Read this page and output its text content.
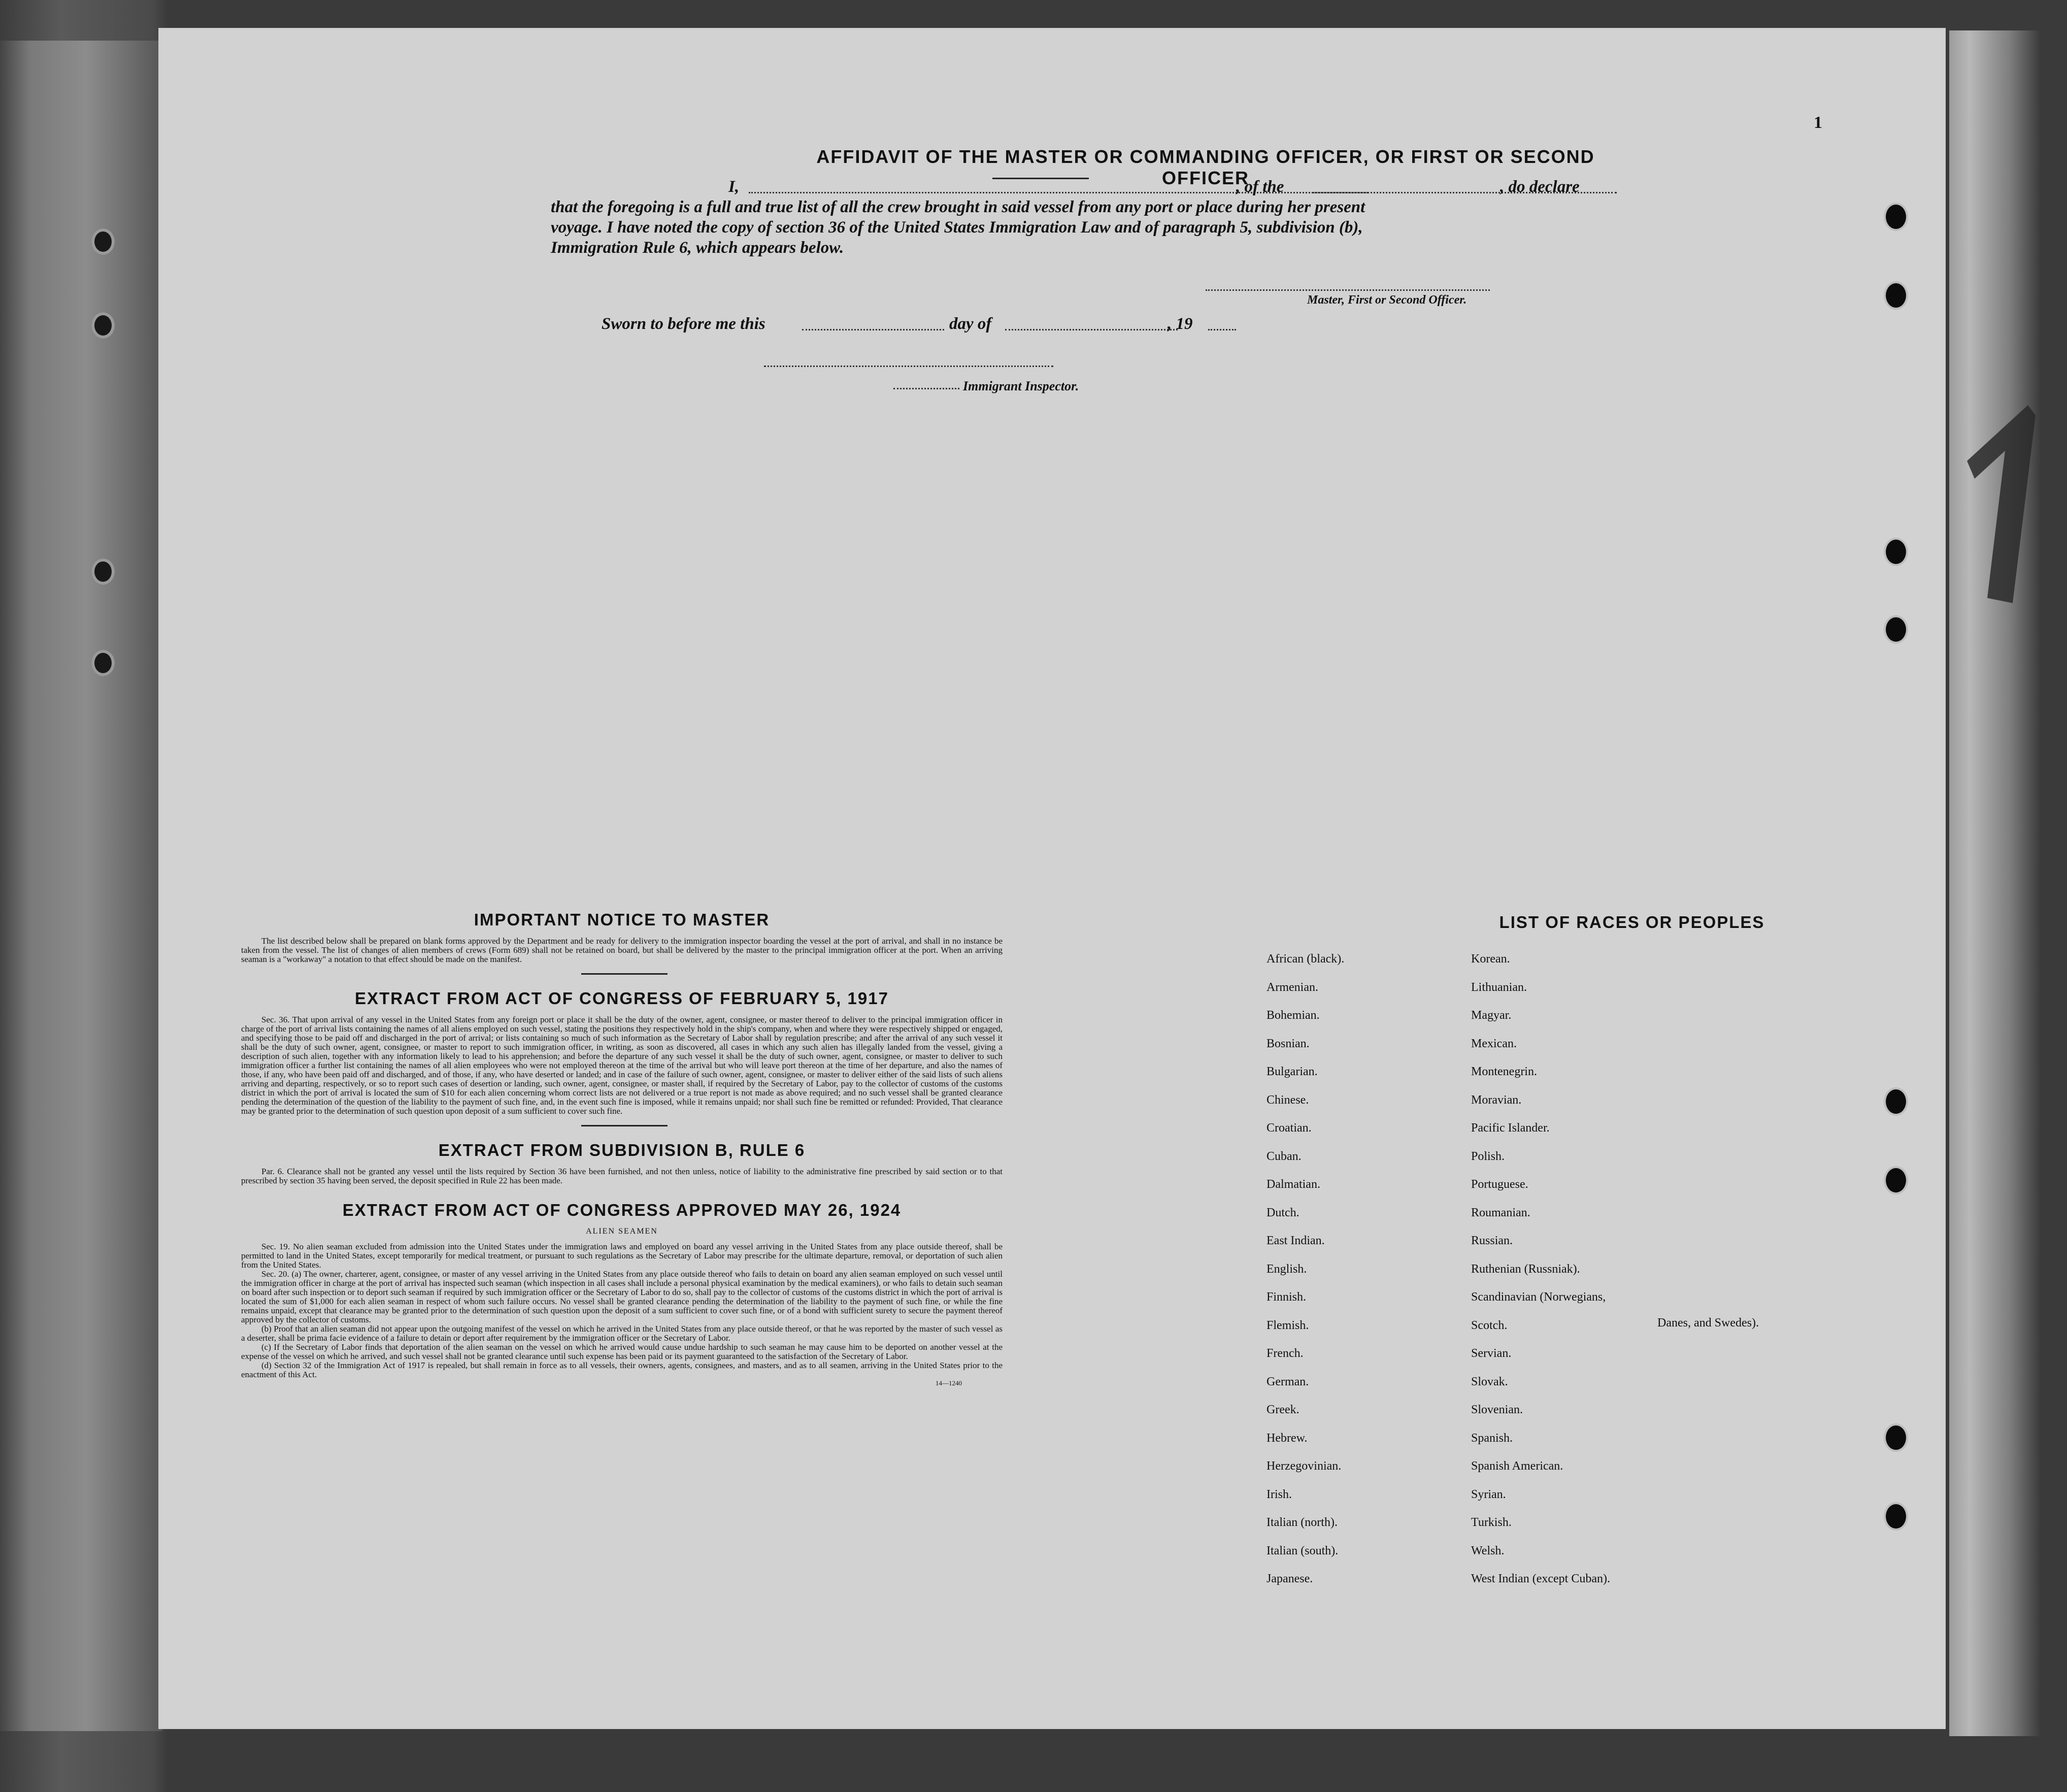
1
AFFIDAVIT OF THE MASTER OR COMMANDING OFFICER, OR FIRST OR SECOND OFFICER
I,	, of the	, do declare
that the foregoing is a full and true list of all the crew brought in said vessel from any port or place during her present
voyage. I have noted the copy of section 36 of the United States Immigration Law and of paragraph 5, subdivision (b),
Immigration Rule 6, which appears below.
Master, First or Second Officer.
Sworn to before me this	day of	, 19
Immigrant Inspector.
IMPORTANT NOTICE TO MASTER

The list described below shall be prepared on blank forms approved by the Department and be ready for delivery to the immigration inspector boarding the vessel at the port of arrival, and shall in no instance be taken from the vessel. The list of changes of alien members of crews (Form 689) shall not be retained on board, but shall be delivered by the master to the principal immigration officer at the port. When an arriving seaman is a "workaway" a notation to that effect should be made on the manifest.

EXTRACT FROM ACT OF CONGRESS OF FEBRUARY 5, 1917

Sec. 36. That upon arrival of any vessel in the United States from any foreign port or place it shall be the duty of the owner, agent, consignee, or master thereof to deliver to the principal immigration officer in charge of the port of arrival lists containing the names of all aliens employed on such vessel, stating the positions they respectively hold in the ship's company, when and where they were respectively shipped or engaged, and specifying those to be paid off and discharged in the port of arrival; or lists containing so much of such information as the Secretary of Labor shall by regulation prescribe; and after the arrival of any such vessel it shall be the duty of such owner, agent, consignee, or master to report to such immigration officer, in writing, as soon as discovered, all cases in which any such alien has illegally landed from the vessel, giving a description of such alien, together with any information likely to lead to his apprehension; and before the departure of any such vessel it shall be the duty of such owner, agent, consignee, or master to deliver to such immigration officer a further list containing the names of all alien employees who were not employed thereon at the time of the arrival but who will leave port thereon at the time of her departure, and also the names of those, if any, who have been paid off and discharged, and of those, if any, who have deserted or landed; and in case of the failure of such owner, agent, consignee, or master to deliver either of the said lists of such aliens arriving and departing, respectively, or so to report such cases of desertion or landing, such owner, agent, consignee, or master shall, if required by the Secretary of Labor, pay to the collector of customs of the customs district in which the port of arrival is located the sum of $10 for each alien concerning whom correct lists are not delivered or a true report is not made as above required; and no such vessel shall be granted clearance pending the determination of the question of the liability to the payment of such fine, and, in the event such fine is imposed, while it remains unpaid; nor shall such fine be remitted or refunded: Provided, That clearance may be granted prior to the determination of such question upon deposit of a sum sufficient to cover such fine.

EXTRACT FROM SUBDIVISION B, RULE 6

Par. 6. Clearance shall not be granted any vessel until the lists required by Section 36 have been furnished, and not then unless, notice of liability to the administrative fine prescribed by said section or to that prescribed by section 35 having been served, the deposit specified in Rule 22 has been made.

EXTRACT FROM ACT OF CONGRESS APPROVED MAY 26, 1924
ALIEN SEAMEN

Sec. 19. No alien seaman excluded from admission into the United States under the immigration laws and employed on board any vessel arriving in the United States from any place outside thereof, shall be permitted to land in the United States, except temporarily for medical treatment, or pursuant to such regulations as the Secretary of Labor may prescribe for the ultimate departure, removal, or deportation of such alien from the United States.

Sec. 20. (a) The owner, charterer, agent, consignee, or master of any vessel arriving in the United States from any place outside thereof who fails to detain on board any alien seaman employed on such vessel until the immigration officer in charge at the port of arrival has inspected such seaman (which inspection in all cases shall include a personal physical examination by the medical examiners), or who fails to detain such seaman on board after such inspection or to deport such seaman if required by such immigration officer or the Secretary of Labor to do so, shall pay to the collector of customs of the customs district in which the port of arrival is located the sum of $1,000 for each alien seaman in respect of whom such failure occurs. No vessel shall be granted clearance pending the determination of the liability to the payment of such fine, or while the fine remains unpaid, except that clearance may be granted prior to the determination of such question upon the deposit of a sum sufficient to cover such fine, or of a bond with sufficient surety to secure the payment thereof approved by the collector of customs.

(b) Proof that an alien seaman did not appear upon the outgoing manifest of the vessel on which he arrived in the United States from any place outside thereof, or that he was reported by the master of such vessel as a deserter, shall be prima facie evidence of a failure to detain or deport after requirement by the immigration officer or the Secretary of Labor.

(c) If the Secretary of Labor finds that deportation of the alien seaman on the vessel on which he arrived would cause undue hardship to such seaman he may cause him to be deported on another vessel at the expense of the vessel on which he arrived, and such vessel shall not be granted clearance until such expense has been paid or its payment guaranteed to the satisfaction of the Secretary of Labor.

(d) Section 32 of the Immigration Act of 1917 is repealed, but shall remain in force as to all vessels, their owners, agents, consignees, and masters, and as to all seamen, arriving in the United States prior to the enactment of this Act.

14—1240
LIST OF RACES OR PEOPLES
African (black).
Armenian.
Bohemian.
Bosnian.
Bulgarian.
Chinese.
Croatian.
Cuban.
Dalmatian.
Dutch.
East Indian.
English.
Finnish.
Flemish.
French.
German.
Greek.
Hebrew.
Herzegovinian.
Irish.
Italian (north).
Italian (south).
Japanese.
Korean.
Lithuanian.
Magyar.
Mexican.
Montenegrin.
Moravian.
Pacific Islander.
Polish.
Portuguese.
Roumanian.
Russian.
Ruthenian (Russniak).
Scandinavian (Norwegians,
Scotch.
Servian.
Slovak.
Slovenian.
Spanish.
Spanish American.
Syrian.
Turkish.
Welsh.
West Indian (except Cuban).
Danes, and Swedes).
